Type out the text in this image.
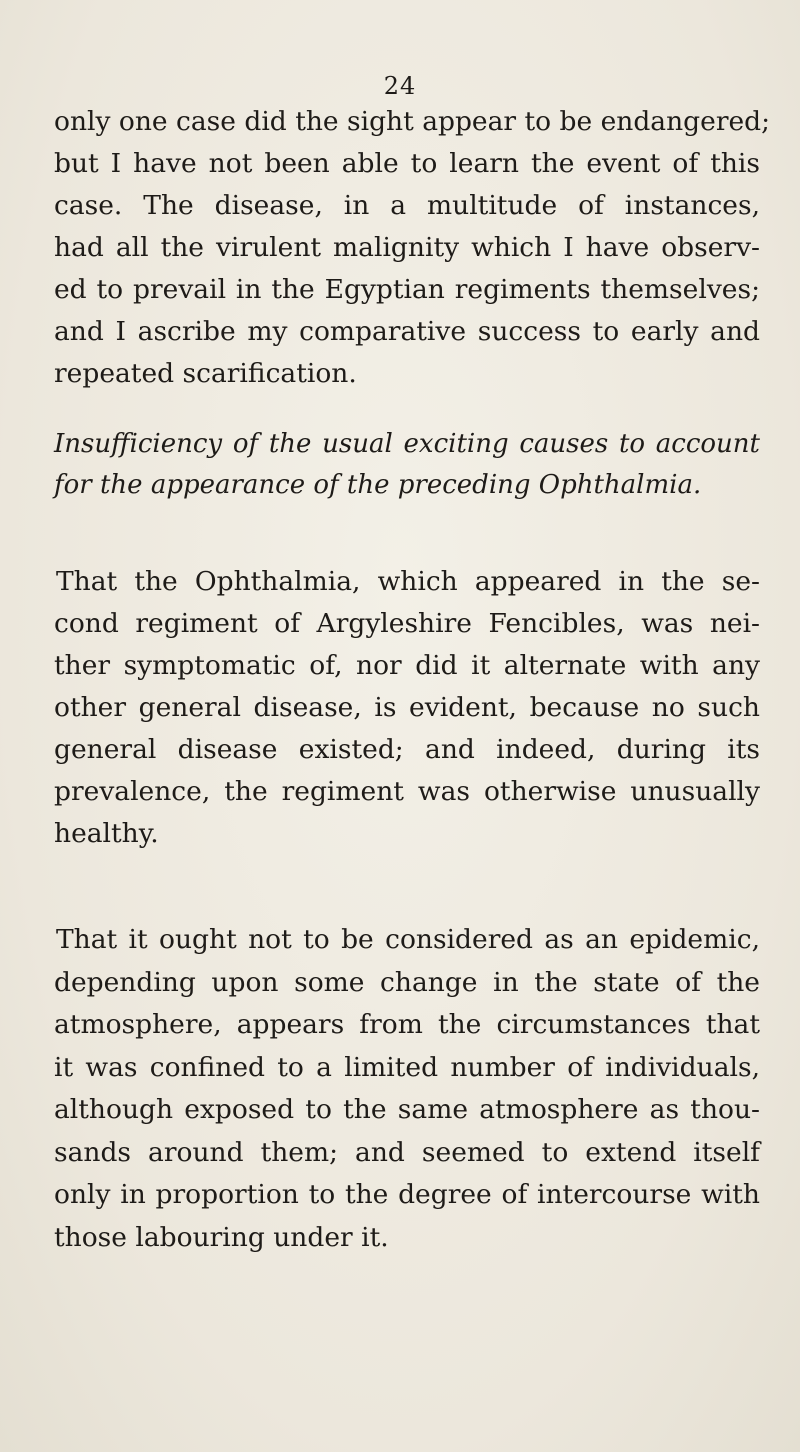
24
only one case did the sight appear to be endangered;
but I have not been able to learn the event of this
case. The disease, in a multitude of instances,
had all the virulent malignity which I have observ-
ed to prevail in the Egyptian regiments themselves;
and I ascribe my comparative success to early and
repeated scarification.
Insufficiency of the usual exciting causes to account
for the appearance of the preceding Ophthalmia.
That the Ophthalmia, which appeared in the se-
cond regiment of Argyleshire Fencibles, was nei-
ther symptomatic of, nor did it alternate with any
other general disease, is evident, because no such
general disease existed; and indeed, during its
prevalence, the regiment was otherwise unusually
healthy.
That it ought not to be considered as an epidemic,
depending upon some change in the state of the
atmosphere, appears from the circumstances that
it was confined to a limited number of individuals,
although exposed to the same atmosphere as thou-
sands around them; and seemed to extend itself
only in proportion to the degree of intercourse with
those labouring under it.
